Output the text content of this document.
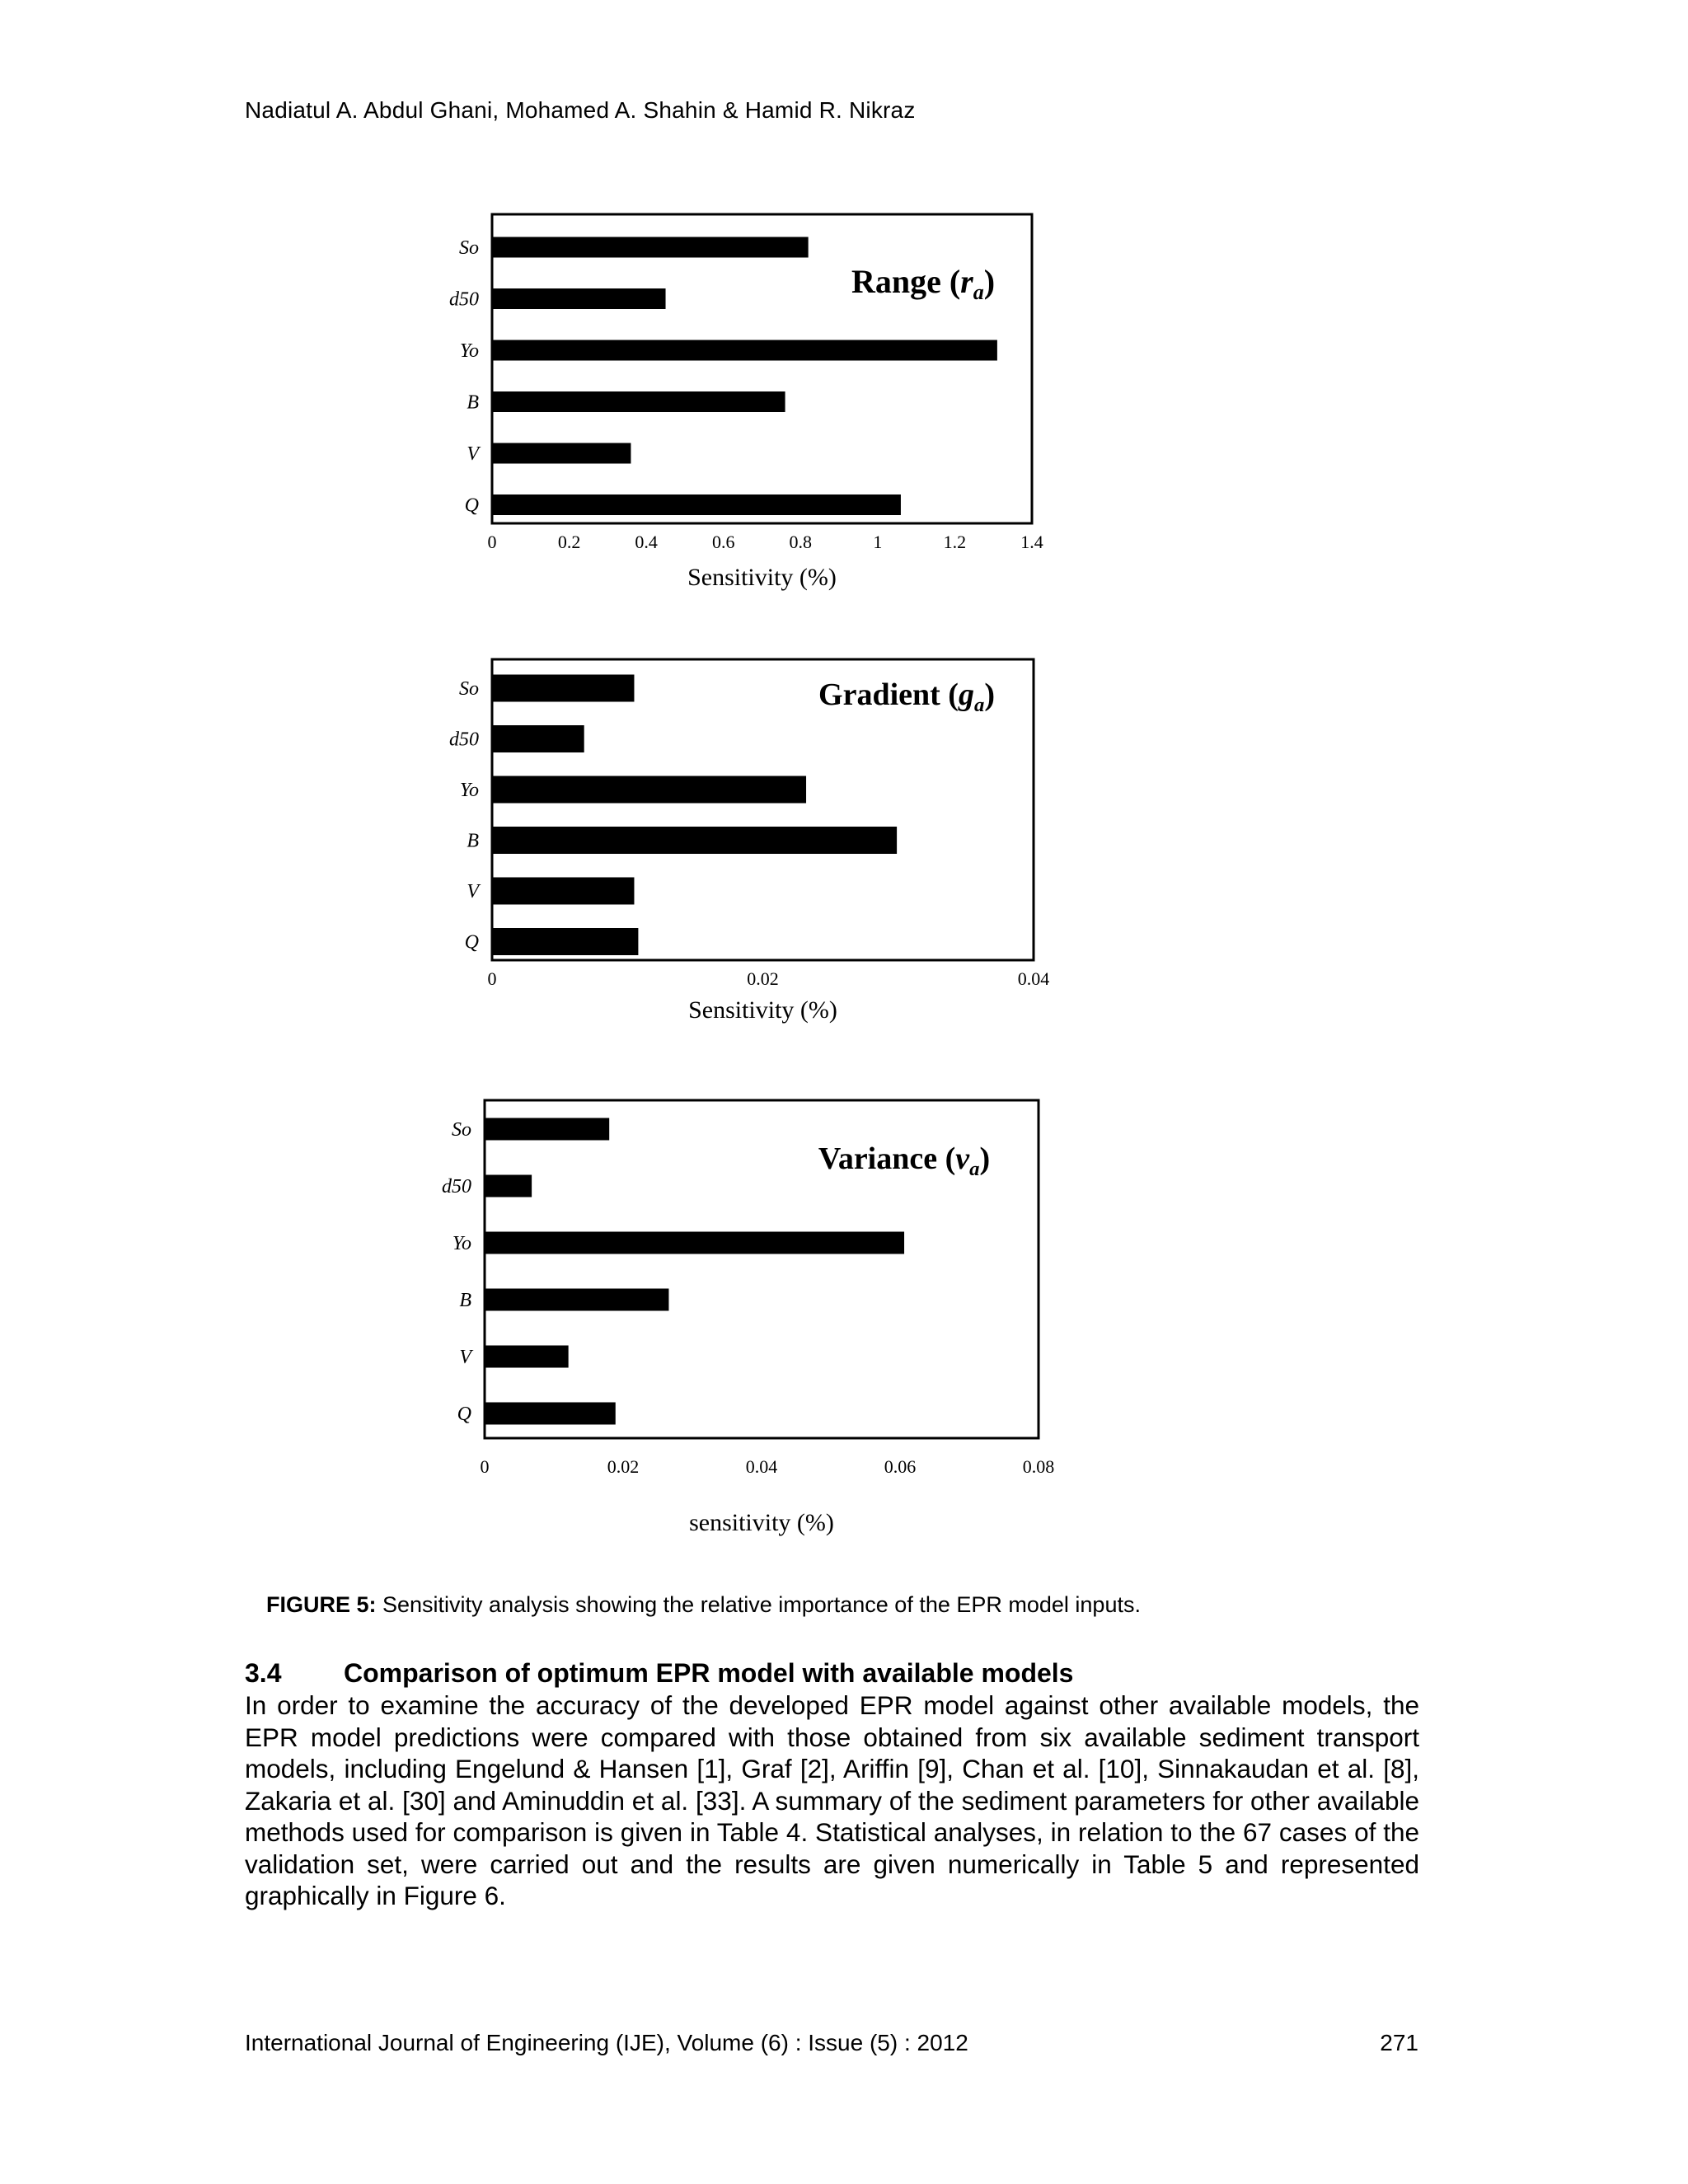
Nadiatul A. Abdul Ghani, Mohamed A. Shahin & Hamid R. Nikraz
So
d50
Yo
B
V
Q
0	0.2	0.4	0.6	0.8	1	1.2	1.4
Sensitivity (%)
Range $(r_a)$
So
d50
Yo
B
V
Q
0	0.02	0.04
Sensitivity (%)
Gradient $(g_a)$
So
d50
Yo
B
V
Q
0	0.02	0.04	0.06	0.08
sensitivity (%)
Variance $(v_a)$
FIGURE 5: Sensitivity analysis showing the relative importance of the EPR model inputs.
3.4 Comparison of optimum EPR model with available models
In order to examine the accuracy of the developed EPR model against other available models, the EPR model predictions were compared with those obtained from six available sediment transport models, including Engelund & Hansen [1], Graf [2], Ariffin [9], Chan et al. [10], Sinnakaudan et al. [8], Zakaria et al. [30] and Aminuddin et al. [33]. A summary of the sediment parameters for other available methods used for comparison is given in Table 4. Statistical analyses, in relation to the 67 cases of the validation set, were carried out and the results are given numerically in Table 5 and represented graphically in Figure 6.
International Journal of Engineering (IJE), Volume (6) : Issue (5) : 2012	271
